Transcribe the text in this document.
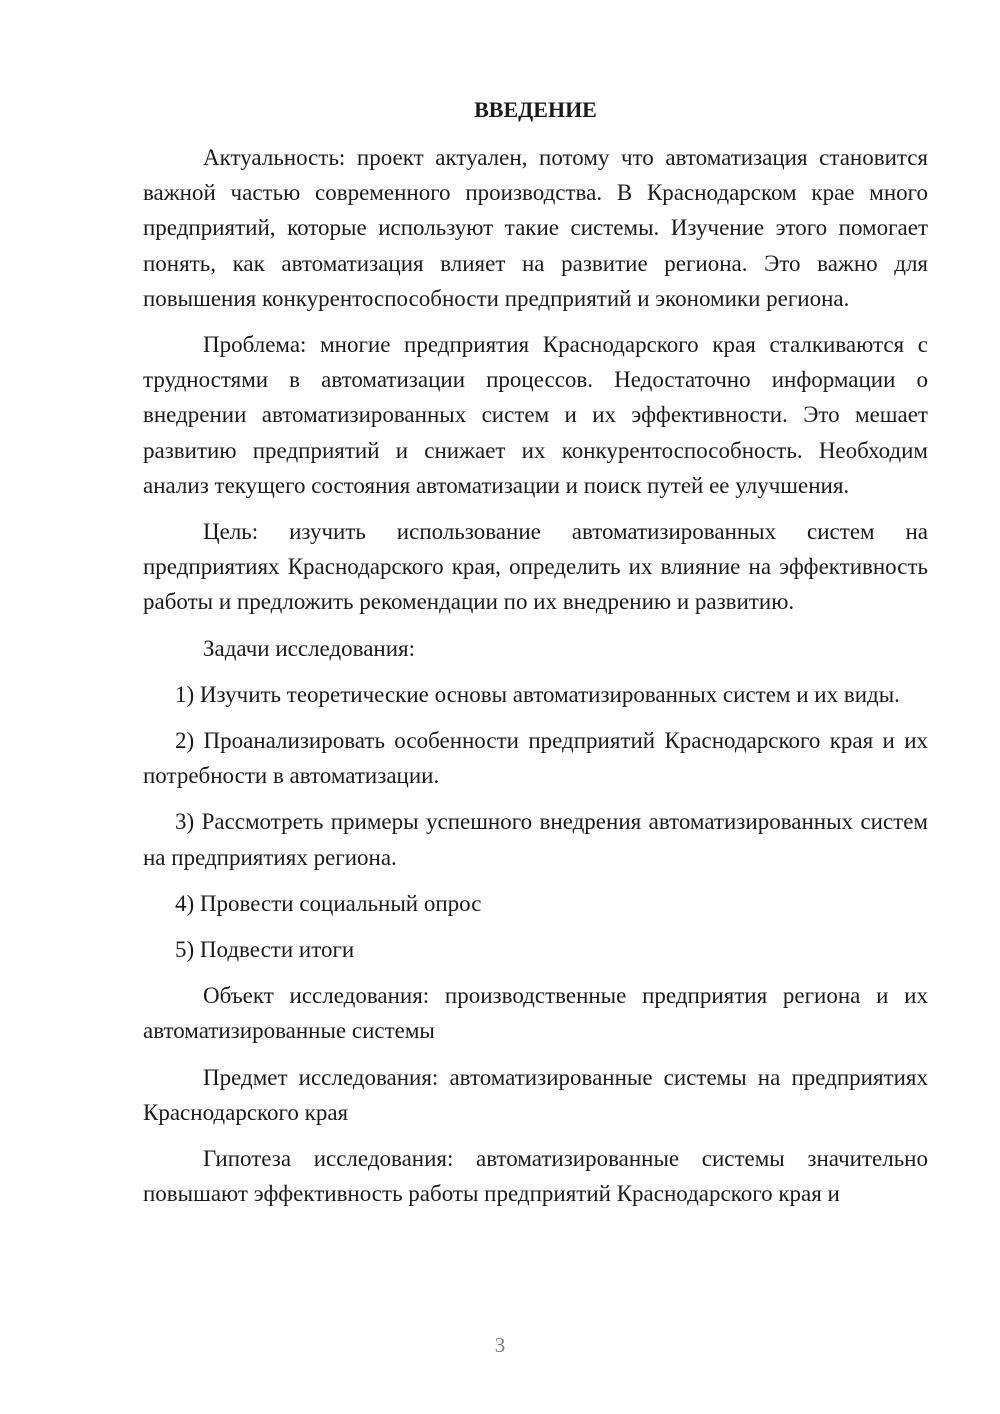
ВВЕДЕНИЕ

Актуальность: проект актуален, потому что автоматизация становится важной частью современного производства. В Краснодарском крае много предприятий, которые используют такие системы. Изучение этого помогает понять, как автоматизация влияет на развитие региона. Это важно для повышения конкурентоспособности предприятий и экономики региона.

Проблема: многие предприятия Краснодарского края сталкиваются с трудностями в автоматизации процессов. Недостаточно информации о внедрении автоматизированных систем и их эффективности. Это мешает развитию предприятий и снижает их конкурентоспособность. Необходим анализ текущего состояния автоматизации и поиск путей ее улучшения.

Цель: изучить использование автоматизированных систем на предприятиях Краснодарского края, определить их влияние на эффективность работы и предложить рекомендации по их внедрению и развитию.

Задачи исследования:

1) Изучить теоретические основы автоматизированных систем и их виды.

2) Проанализировать особенности предприятий Краснодарского края и их потребности в автоматизации.

3) Рассмотреть примеры успешного внедрения автоматизированных систем на предприятиях региона.

4) Провести социальный опрос

5) Подвести итоги

Объект исследования: производственные предприятия региона и их автоматизированные системы

Предмет исследования: автоматизированные системы на предприятиях Краснодарского края

Гипотеза исследования: автоматизированные системы значительно повышают эффективность работы предприятий Краснодарского края и

3
